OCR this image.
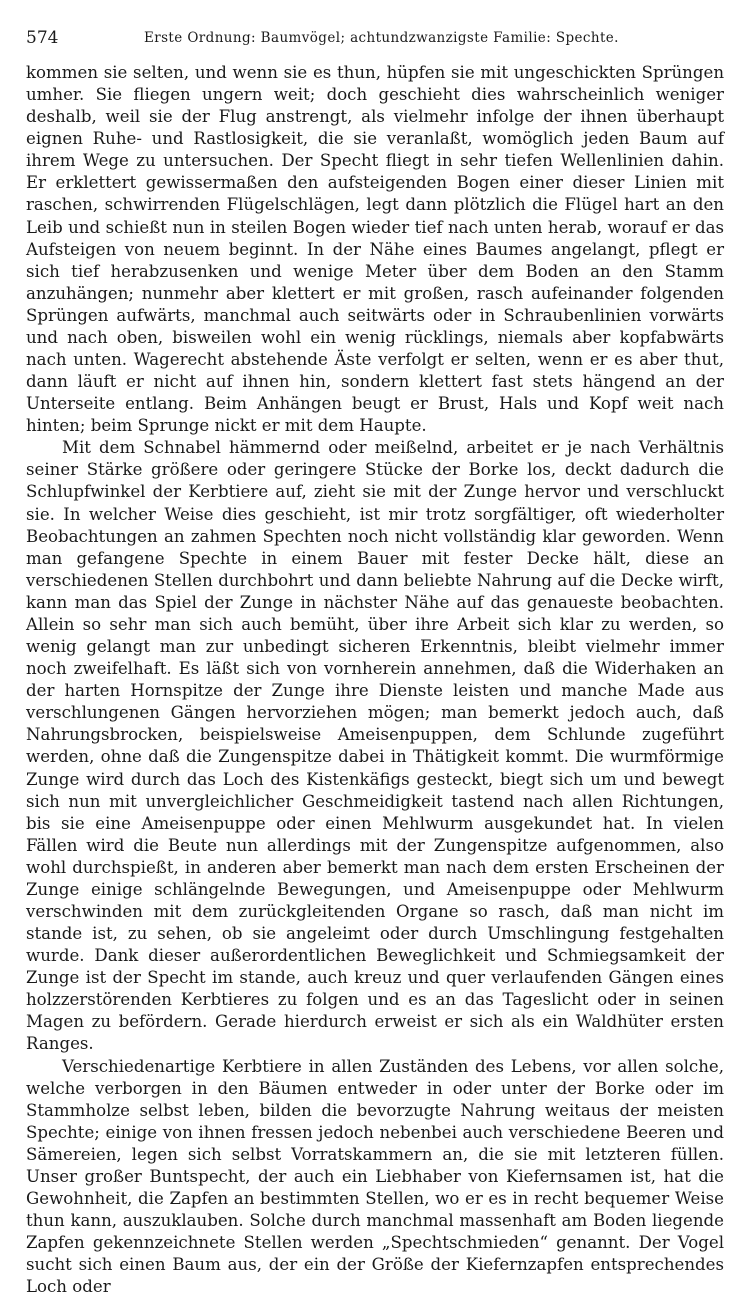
574	Erste Ordnung: Baumvögel; achtundzwanzigste Familie: Spechte.

kommen sie selten, und wenn sie es thun, hüpfen sie mit ungeschickten Sprüngen umher. Sie fliegen ungern weit; doch geschieht dies wahrscheinlich weniger deshalb, weil sie der Flug anstrengt, als vielmehr infolge der ihnen überhaupt eignen Ruhe- und Rastlosigkeit, die sie veranlaßt, womöglich jeden Baum auf ihrem Wege zu untersuchen. Der Specht fliegt in sehr tiefen Wellenlinien dahin. Er erklettert gewissermaßen den aufsteigenden Bogen einer dieser Linien mit raschen, schwirrenden Flügelschlägen, legt dann plötzlich die Flügel hart an den Leib und schießt nun in steilen Bogen wieder tief nach unten herab, worauf er das Aufsteigen von neuem beginnt. In der Nähe eines Baumes angelangt, pflegt er sich tief herabzusenken und wenige Meter über dem Boden an den Stamm anzuhängen; nunmehr aber klettert er mit großen, rasch aufeinander folgenden Sprüngen aufwärts, manchmal auch seitwärts oder in Schraubenlinien vorwärts und nach oben, bisweilen wohl ein wenig rücklings, niemals aber kopfabwärts nach unten. Wagerecht abstehende Äste verfolgt er selten, wenn er es aber thut, dann läuft er nicht auf ihnen hin, sondern klettert fast stets hängend an der Unterseite entlang. Beim Anhängen beugt er Brust, Hals und Kopf weit nach hinten; beim Sprunge nickt er mit dem Haupte.

Mit dem Schnabel hämmernd oder meißelnd, arbeitet er je nach Verhältnis seiner Stärke größere oder geringere Stücke der Borke los, deckt dadurch die Schlupfwinkel der Kerbtiere auf, zieht sie mit der Zunge hervor und verschluckt sie. In welcher Weise dies geschieht, ist mir trotz sorgfältiger, oft wiederholter Beobachtungen an zahmen Spechten noch nicht vollständig klar geworden. Wenn man gefangene Spechte in einem Bauer mit fester Decke hält, diese an verschiedenen Stellen durchbohrt und dann beliebte Nahrung auf die Decke wirft, kann man das Spiel der Zunge in nächster Nähe auf das genaueste beobachten. Allein so sehr man sich auch bemüht, über ihre Arbeit sich klar zu werden, so wenig gelangt man zur unbedingt sicheren Erkenntnis, bleibt vielmehr immer noch zweifelhaft. Es läßt sich von vornherein annehmen, daß die Widerhaken an der harten Hornspitze der Zunge ihre Dienste leisten und manche Made aus verschlungenen Gängen hervorziehen mögen; man bemerkt jedoch auch, daß Nahrungsbrocken, beispielsweise Ameisenpuppen, dem Schlunde zugeführt werden, ohne daß die Zungenspitze dabei in Thätigkeit kommt. Die wurmförmige Zunge wird durch das Loch des Kistenkäfigs gesteckt, biegt sich um und bewegt sich nun mit unvergleichlicher Geschmeidigkeit tastend nach allen Richtungen, bis sie eine Ameisenpuppe oder einen Mehlwurm ausgekundet hat. In vielen Fällen wird die Beute nun allerdings mit der Zungenspitze aufgenommen, also wohl durchspießt, in anderen aber bemerkt man nach dem ersten Erscheinen der Zunge einige schlängelnde Bewegungen, und Ameisenpuppe oder Mehlwurm verschwinden mit dem zurückgleitenden Organe so rasch, daß man nicht im stande ist, zu sehen, ob sie angeleimt oder durch Umschlingung festgehalten wurde. Dank dieser außerordentlichen Beweglichkeit und Schmiegsamkeit der Zunge ist der Specht im stande, auch kreuz und quer verlaufenden Gängen eines holzzerstörenden Kerbtieres zu folgen und es an das Tageslicht oder in seinen Magen zu befördern. Gerade hierdurch erweist er sich als ein Waldhüter ersten Ranges.

Verschiedenartige Kerbtiere in allen Zuständen des Lebens, vor allen solche, welche verborgen in den Bäumen entweder in oder unter der Borke oder im Stammholze selbst leben, bilden die bevorzugte Nahrung weitaus der meisten Spechte; einige von ihnen fressen jedoch nebenbei auch verschiedene Beeren und Sämereien, legen sich selbst Vorratskammern an, die sie mit letzteren füllen. Unser großer Buntspecht, der auch ein Liebhaber von Kiefernsamen ist, hat die Gewohnheit, die Zapfen an bestimmten Stellen, wo er es in recht bequemer Weise thun kann, auszuklauben. Solche durch manchmal massenhaft am Boden liegende Zapfen gekennzeichnete Stellen werden „Spechtschmieden“ genannt. Der Vogel sucht sich einen Baum aus, der ein der Größe der Kiefernzapfen entsprechendes Loch oder
